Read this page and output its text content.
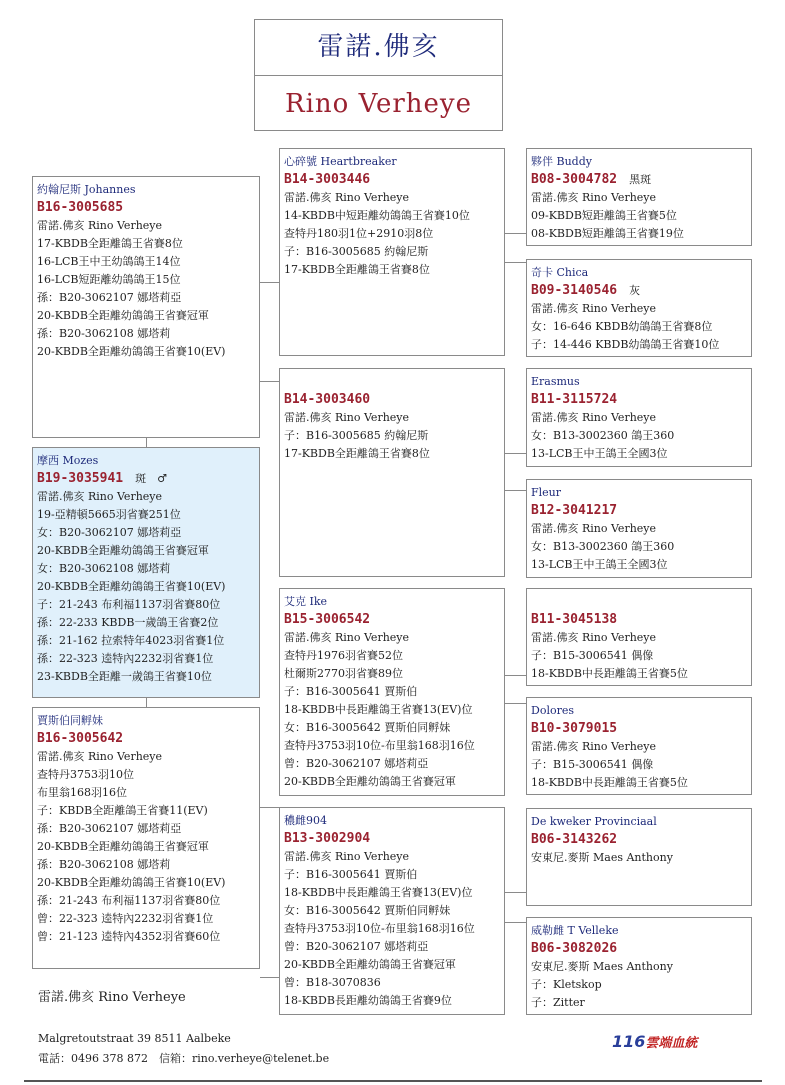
雷諾.佛亥
Rino Verheye
約翰尼斯 Johannes
B16-3005685
雷諾.佛亥 Rino Verheye
17-KBDB全距離鴿王省賽8位
16-LCB王中王幼鴿鴿王14位
16-LCB短距離幼鴿鴿王15位
孫：B20-3062107 娜塔莉亞
20-KBDB全距離幼鴿鴿王省賽冠軍
孫：B20-3062108 娜塔莉
20-KBDB全距離幼鴿鴿王省賽10(EV)
摩西 Mozes
B19-3035941 斑　♂
雷諾.佛亥 Rino Verheye
19-亞精頓5665羽省賽251位
女：B20-3062107 娜塔莉亞
20-KBDB全距離幼鴿鴿王省賽冠軍
女：B20-3062108 娜塔莉
20-KBDB全距離幼鴿鴿王省賽10(EV)
子：21-243 布利福1137羽省賽80位
孫：22-233 KBDB一歲鴿王省賽2位
孫：21-162 拉索特年4023羽省賽1位
孫：22-323 逵特內2232羽省賽1位
23-KBDB全距離一歲鴿王省賽10位
賈斯伯同孵妹
B16-3005642
雷諾.佛亥 Rino Verheye
查特丹3753羽10位
布里翁168羽16位
子：KBDB全距離鴿王省賽11(EV)
孫：B20-3062107 娜塔莉亞
20-KBDB全距離幼鴿鴿王省賽冠軍
孫：B20-3062108 娜塔莉
20-KBDB全距離幼鴿鴿王省賽10(EV)
孫：21-243 布利福1137羽省賽80位
曾：22-323 逵特內2232羽省賽1位
曾：21-123 逵特內4352羽省賽60位
心碎號 Heartbreaker
B14-3003446
雷諾.佛亥 Rino Verheye
14-KBDB中短距離幼鴿鴿王省賽10位
查特丹180羽1位+2910羽8位
子：B16-3005685 約翰尼斯
17-KBDB全距離鴿王省賽8位

B14-3003460
雷諾.佛亥 Rino Verheye
子：B16-3005685 約翰尼斯
17-KBDB全距離鴿王省賽8位
艾克 Ike
B15-3006542
雷諾.佛亥 Rino Verheye
查特丹1976羽省賽52位
杜爾斯2770羽省賽89位
子：B16-3005641 賈斯伯
18-KBDB中長距離鴿王省賽13(EV)位
女：B16-3005642 賈斯伯同孵妹
查特丹3753羽10位-布里翁168羽16位
曾：B20-3062107 娜塔莉亞
20-KBDB全距離幼鴿鴿王省賽冠軍
穠雌904
B13-3002904
雷諾.佛亥 Rino Verheye
子：B16-3005641 賈斯伯
18-KBDB中長距離鴿王省賽13(EV)位
女：B16-3005642 賈斯伯同孵妹
查特丹3753羽10位-布里翁168羽16位
曾：B20-3062107 娜塔莉亞
20-KBDB全距離幼鴿鴿王省賽冠軍
曾：B18-3070836
18-KBDB長距離幼鴿鴿王省賽9位
夥伴 Buddy
B08-3004782 黑斑
雷諾.佛亥 Rino Verheye
09-KBDB短距離鴿王省賽5位
08-KBDB短距離鴿王省賽19位
奇卡 Chica
B09-3140546 灰
雷諾.佛亥 Rino Verheye
女：16-646 KBDB幼鴿鴿王省賽8位
子：14-446 KBDB幼鴿鴿王省賽10位
Erasmus
B11-3115724
雷諾.佛亥 Rino Verheye
女：B13-3002360 鴿王360
13-LCB王中王鴿王全國3位
Fleur
B12-3041217
雷諾.佛亥 Rino Verheye
女：B13-3002360 鴿王360
13-LCB王中王鴿王全國3位

B11-3045138
雷諾.佛亥 Rino Verheye
子：B15-3006541 偶像
18-KBDB中長距離鴿王省賽5位
Dolores
B10-3079015
雷諾.佛亥 Rino Verheye
子：B15-3006541 偶像
18-KBDB中長距離鴿王省賽5位
De kweker Provinciaal
B06-3143262
安東尼.麥斯 Maes Anthony
威勒雌 T Velleke
B06-3082026
安東尼.麥斯 Maes Anthony
子：Kletskop
子：Zitter
雷諾.佛亥 Rino Verheye
Malgretoutstraat 39 8511 Aalbeke
電話：0496 378 872　信箱：rino.verheye@telenet.be
116雲端血統
